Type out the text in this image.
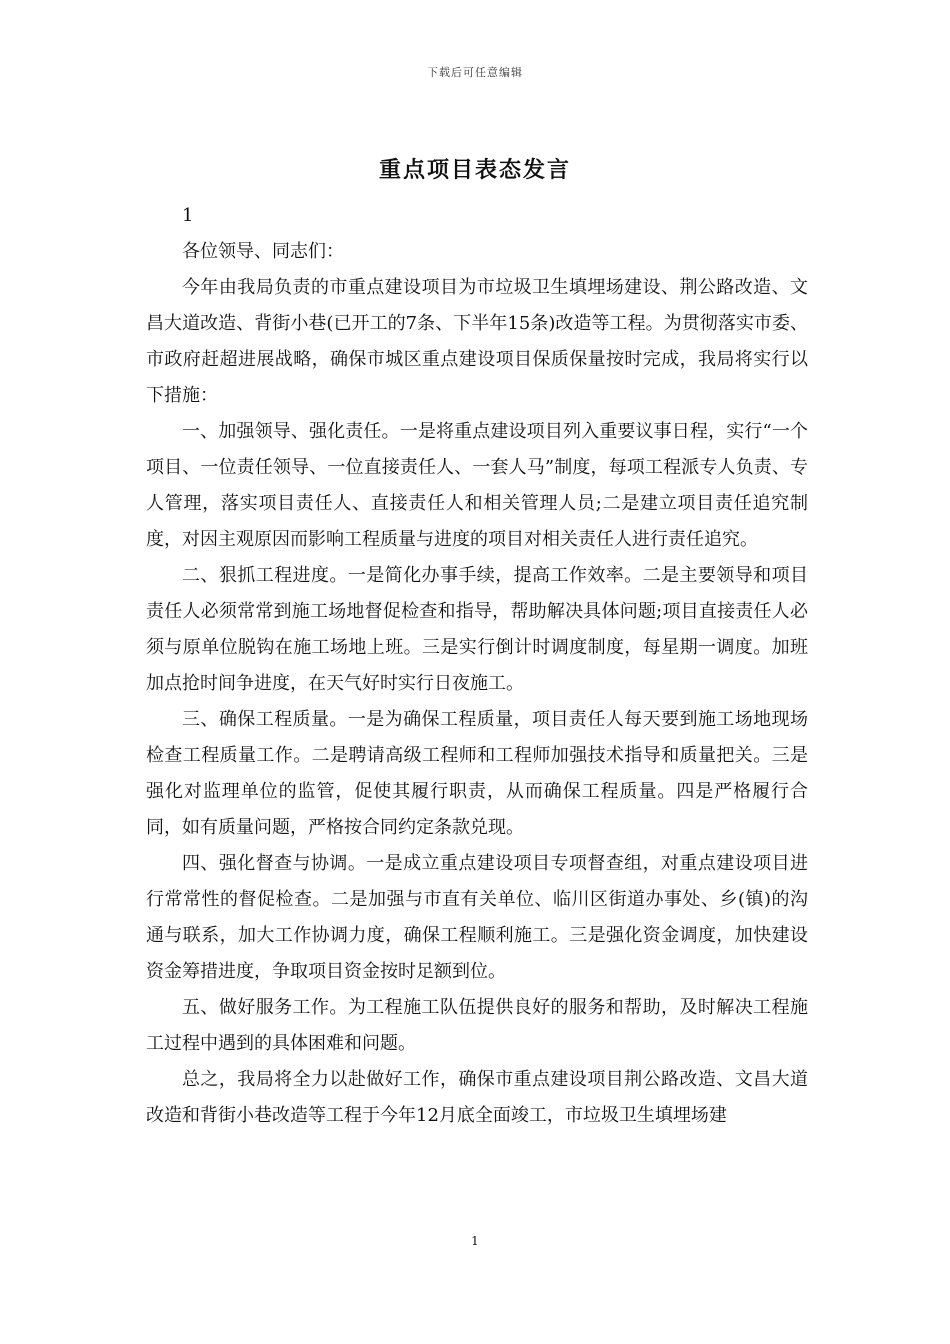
下载后可任意编辑
重点项目表态发言

1

各位领导、同志们：

今年由我局负责的市重点建设项目为市垃圾卫生填埋场建设、荆公路改造、文昌大道改造、背街小巷(已开工的7条、下半年15条)改造等工程。为贯彻落实市委、市政府赶超进展战略，确保市城区重点建设项目保质保量按时完成，我局将实行以下措施：

一、加强领导、强化责任。一是将重点建设项目列入重要议事日程，实行“一个项目、一位责任领导、一位直接责任人、一套人马”制度，每项工程派专人负责、专人管理，落实项目责任人、直接责任人和相关管理人员;二是建立项目责任追究制度，对因主观原因而影响工程质量与进度的项目对相关责任人进行责任追究。

二、狠抓工程进度。一是简化办事手续，提高工作效率。二是主要领导和项目责任人必须常常到施工场地督促检查和指导，帮助解决具体问题;项目直接责任人必须与原单位脱钩在施工场地上班。三是实行倒计时调度制度，每星期一调度。加班加点抢时间争进度，在天气好时实行日夜施工。

三、确保工程质量。一是为确保工程质量，项目责任人每天要到施工场地现场检查工程质量工作。二是聘请高级工程师和工程师加强技术指导和质量把关。三是强化对监理单位的监管，促使其履行职责，从而确保工程质量。四是严格履行合同，如有质量问题，严格按合同约定条款兑现。

四、强化督查与协调。一是成立重点建设项目专项督查组，对重点建设项目进行常常性的督促检查。二是加强与市直有关单位、临川区街道办事处、乡(镇)的沟通与联系，加大工作协调力度，确保工程顺利施工。三是强化资金调度，加快建设资金筹措进度，争取项目资金按时足额到位。

五、做好服务工作。为工程施工队伍提供良好的服务和帮助，及时解决工程施工过程中遇到的具体困难和问题。

总之，我局将全力以赴做好工作，确保市重点建设项目荆公路改造、文昌大道改造和背街小巷改造等工程于今年12月底全面竣工，市垃圾卫生填埋场建

1
